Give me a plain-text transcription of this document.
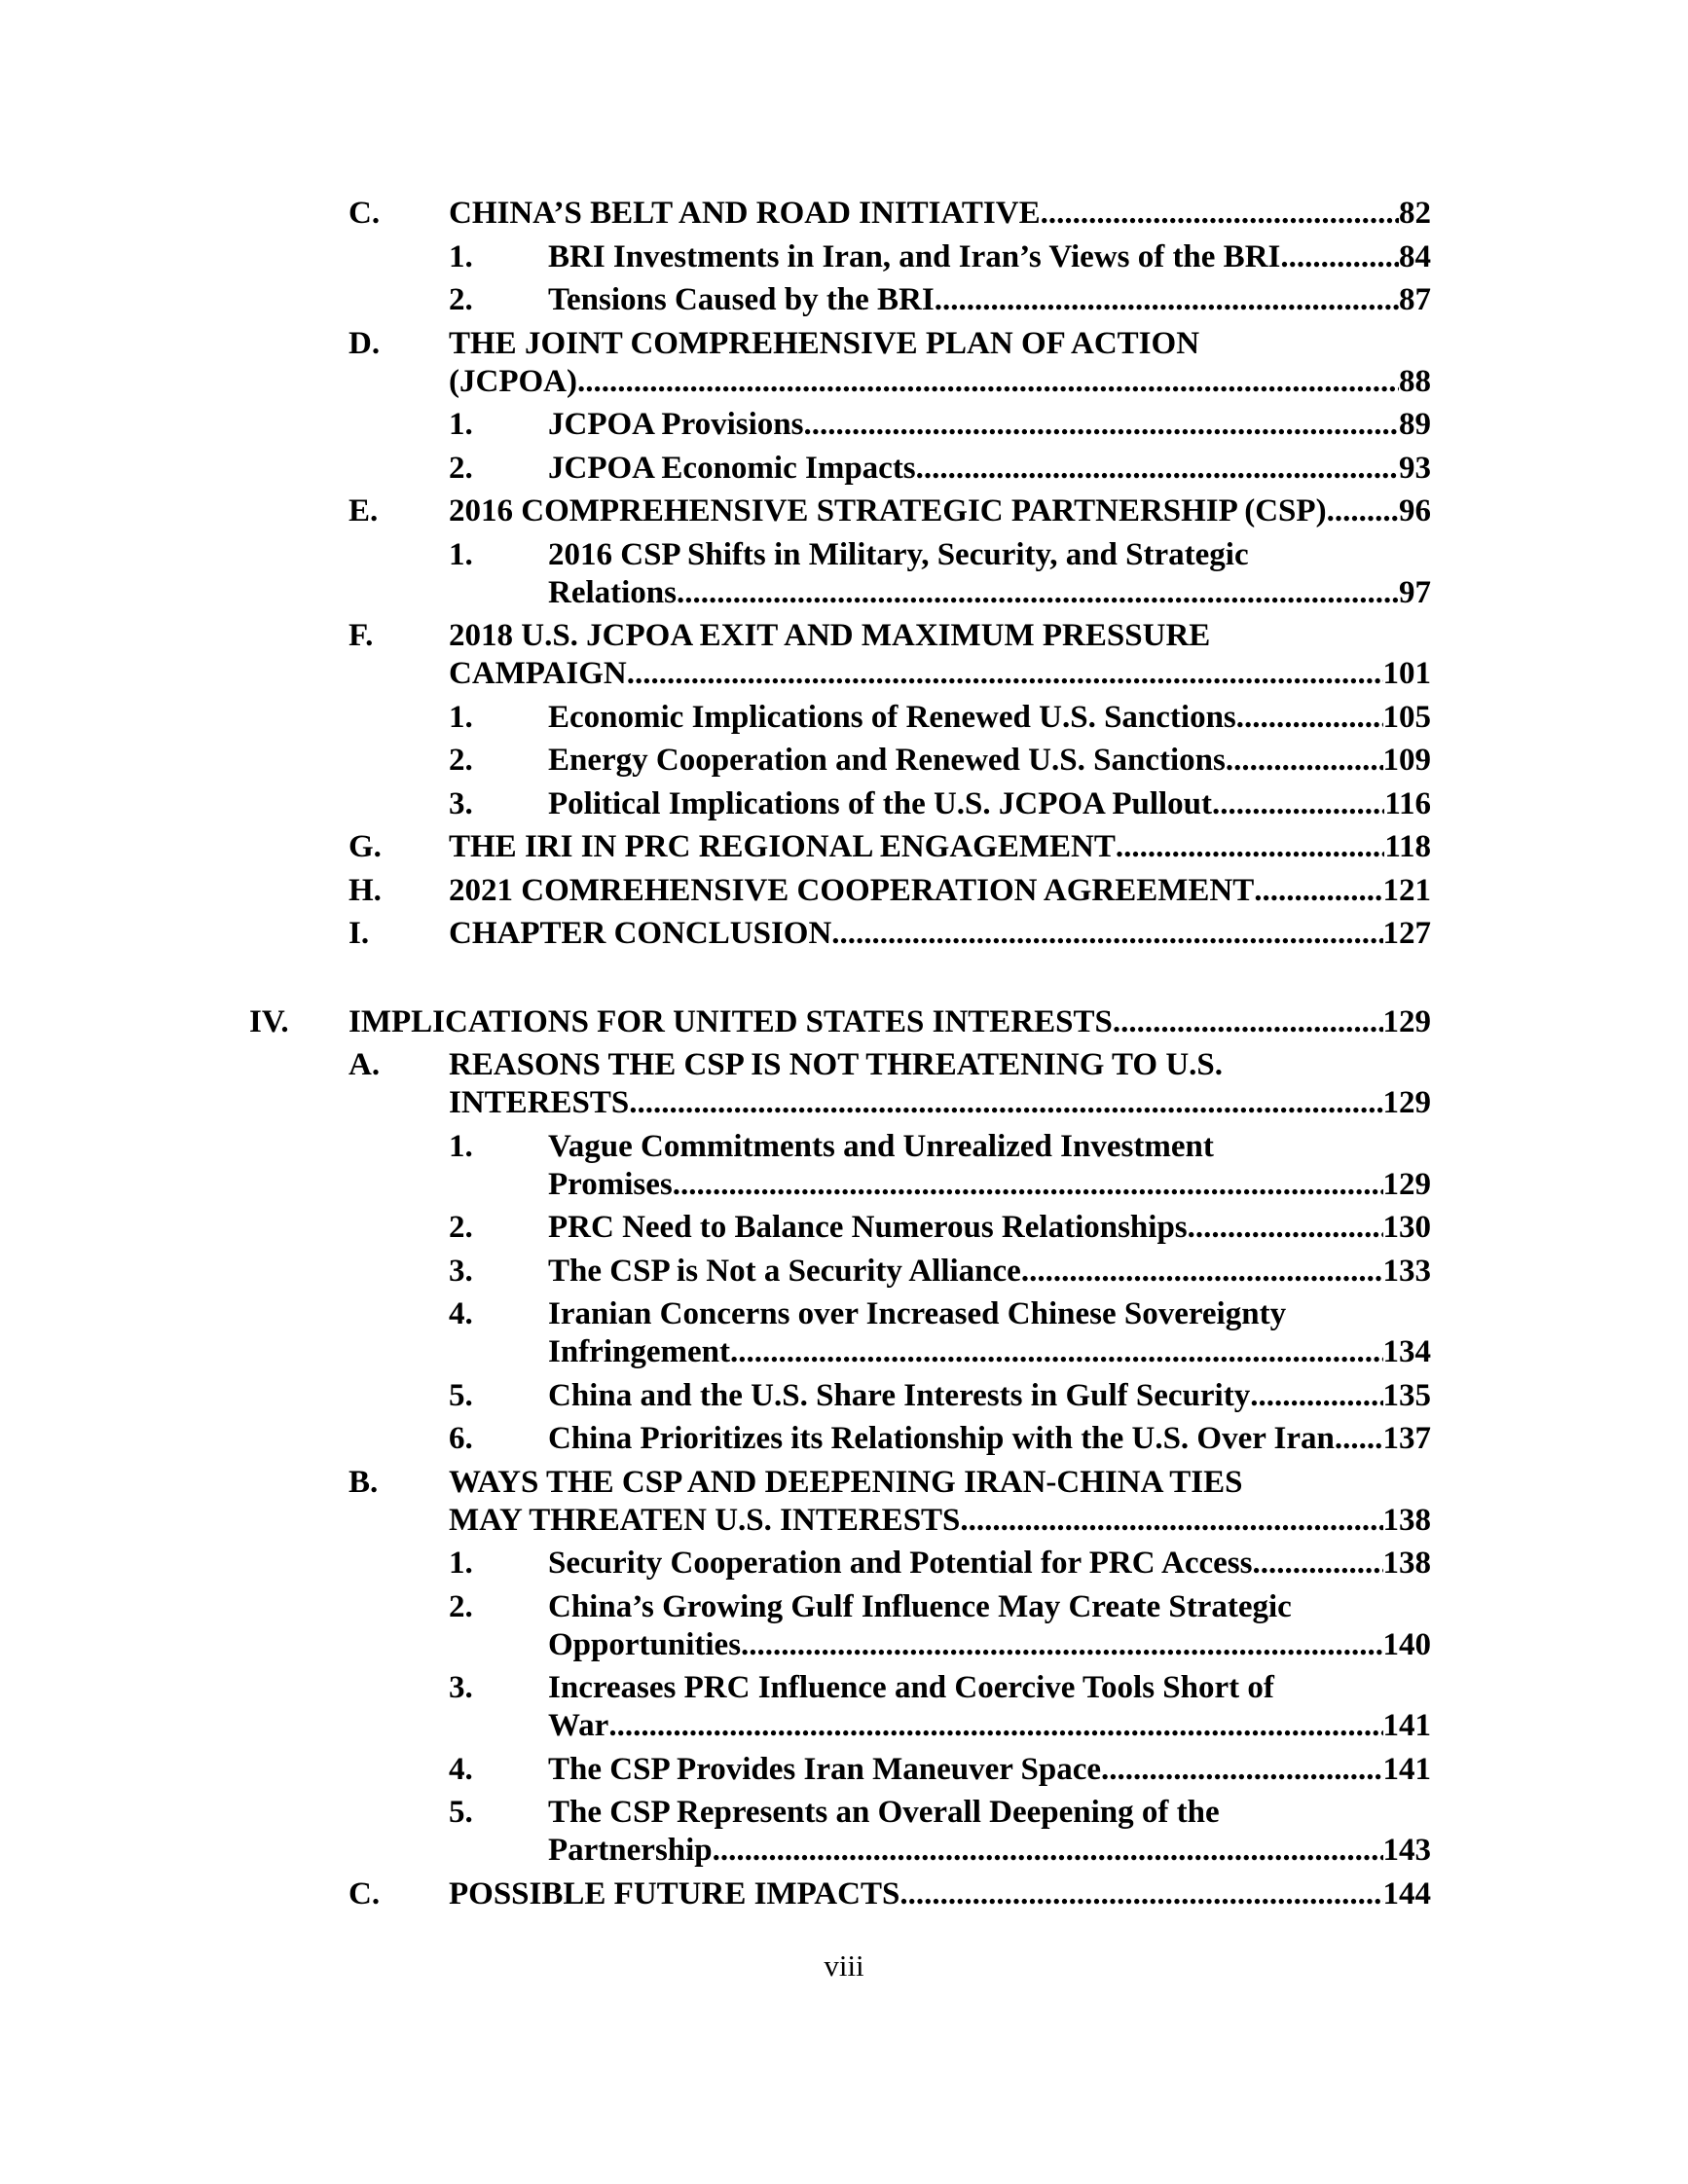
C. CHINA’S BELT AND ROAD INITIATIVE .....	82
1. BRI Investments in Iran, and Iran’s Views of the BRI .....	84
2. Tensions Caused by the BRI .....	87
D. THE JOINT COMPREHENSIVE PLAN OF ACTION
(JCPOA) .....	88
1. JCPOA Provisions .....	89
2. JCPOA Economic Impacts .....	93
E. 2016 COMPREHENSIVE STRATEGIC PARTNERSHIP (CSP) ..... 96
1. 2016 CSP Shifts in Military, Security, and Strategic
Relations .....	97
F. 2018 U.S. JCPOA EXIT AND MAXIMUM PRESSURE
CAMPAIGN .....	101
1. Economic Implications of Renewed U.S. Sanctions .....	105
2. Energy Cooperation and Renewed U.S. Sanctions .....	109
3. Political Implications of the U.S. JCPOA Pullout .....	116
G. THE IRI IN PRC REGIONAL ENGAGEMENT .....	118
H. 2021 COMREHENSIVE COOPERATION AGREEMENT .....	121
I. CHAPTER CONCLUSION .....	127
IV. IMPLICATIONS FOR UNITED STATES INTERESTS .....	129
A. REASONS THE CSP IS NOT THREATENING TO U.S.
INTERESTS .....	129
1. Vague Commitments and Unrealized Investment
Promises .....	129
2. PRC Need to Balance Numerous Relationships .....	130
3. The CSP is Not a Security Alliance .....	133
4. Iranian Concerns over Increased Chinese Sovereignty
Infringement .....	134
5. China and the U.S. Share Interests in Gulf Security .....	135
6. China Prioritizes its Relationship with the U.S. Over Iran ..... 137
B. WAYS THE CSP AND DEEPENING IRAN-CHINA TIES
MAY THREATEN U.S. INTERESTS .....	138
1. Security Cooperation and Potential for PRC Access .....	138
2. China’s Growing Gulf Influence May Create Strategic
Opportunities .....	140
3. Increases PRC Influence and Coercive Tools Short of
War .....	141
4. The CSP Provides Iran Maneuver Space .....	141
5. The CSP Represents an Overall Deepening of the
Partnership .....	143
C. POSSIBLE FUTURE IMPACTS .....	144
viii
